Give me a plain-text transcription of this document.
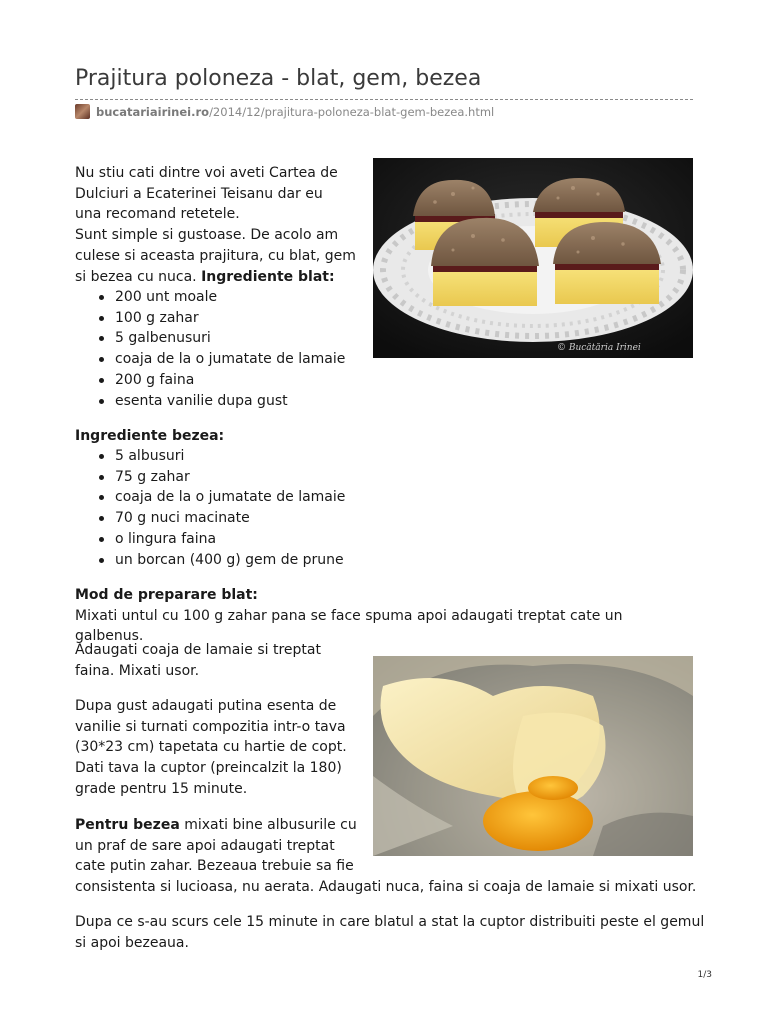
Prajitura poloneza - blat, gem, bezea
bucatariairinei.ro /2014/12/prajitura-poloneza-blat-gem-bezea.html
Nu stiu cati dintre voi aveti Cartea de
Dulciuri a Ecaterinei Teisanu dar eu
una recomand retetele.
Sunt simple si gustoase. De acolo am
culese si aceasta prajitura, cu blat, gem
si bezea cu nuca. Ingrediente blat:
200 unt moale
100 g zahar
5 galbenusuri
coaja de la o jumatate de lamaie
200 g faina
esenta vanilie dupa gust
© Bucătăria Irinei
Ingrediente bezea:
5 albusuri
75 g zahar
coaja de la o jumatate de lamaie
70 g nuci macinate
o lingura faina
un borcan (400 g) gem de prune
Mod de preparare blat:
Mixati untul cu 100 g zahar pana se face spuma apoi adaugati treptat cate un galbenus.
Adaugati coaja de lamaie si treptat
faina. Mixati usor.
Dupa gust adaugati putina esenta de
vanilie si turnati compozitia intr-o tava
(30*23 cm) tapetata cu hartie de copt.
Dati tava la cuptor (preincalzit la 180)
grade pentru 15 minute.
Pentru bezea mixati bine albusurile cu
un praf de sare apoi adaugati treptat
cate putin zahar. Bezeaua trebuie sa fie
consistenta si lucioasa, nu aerata. Adaugati nuca, faina si coaja de lamaie si mixati usor.
Dupa ce s-au scurs cele 15 minute in care blatul a stat la cuptor distribuiti peste el gemul
si apoi bezeaua.
1/3
